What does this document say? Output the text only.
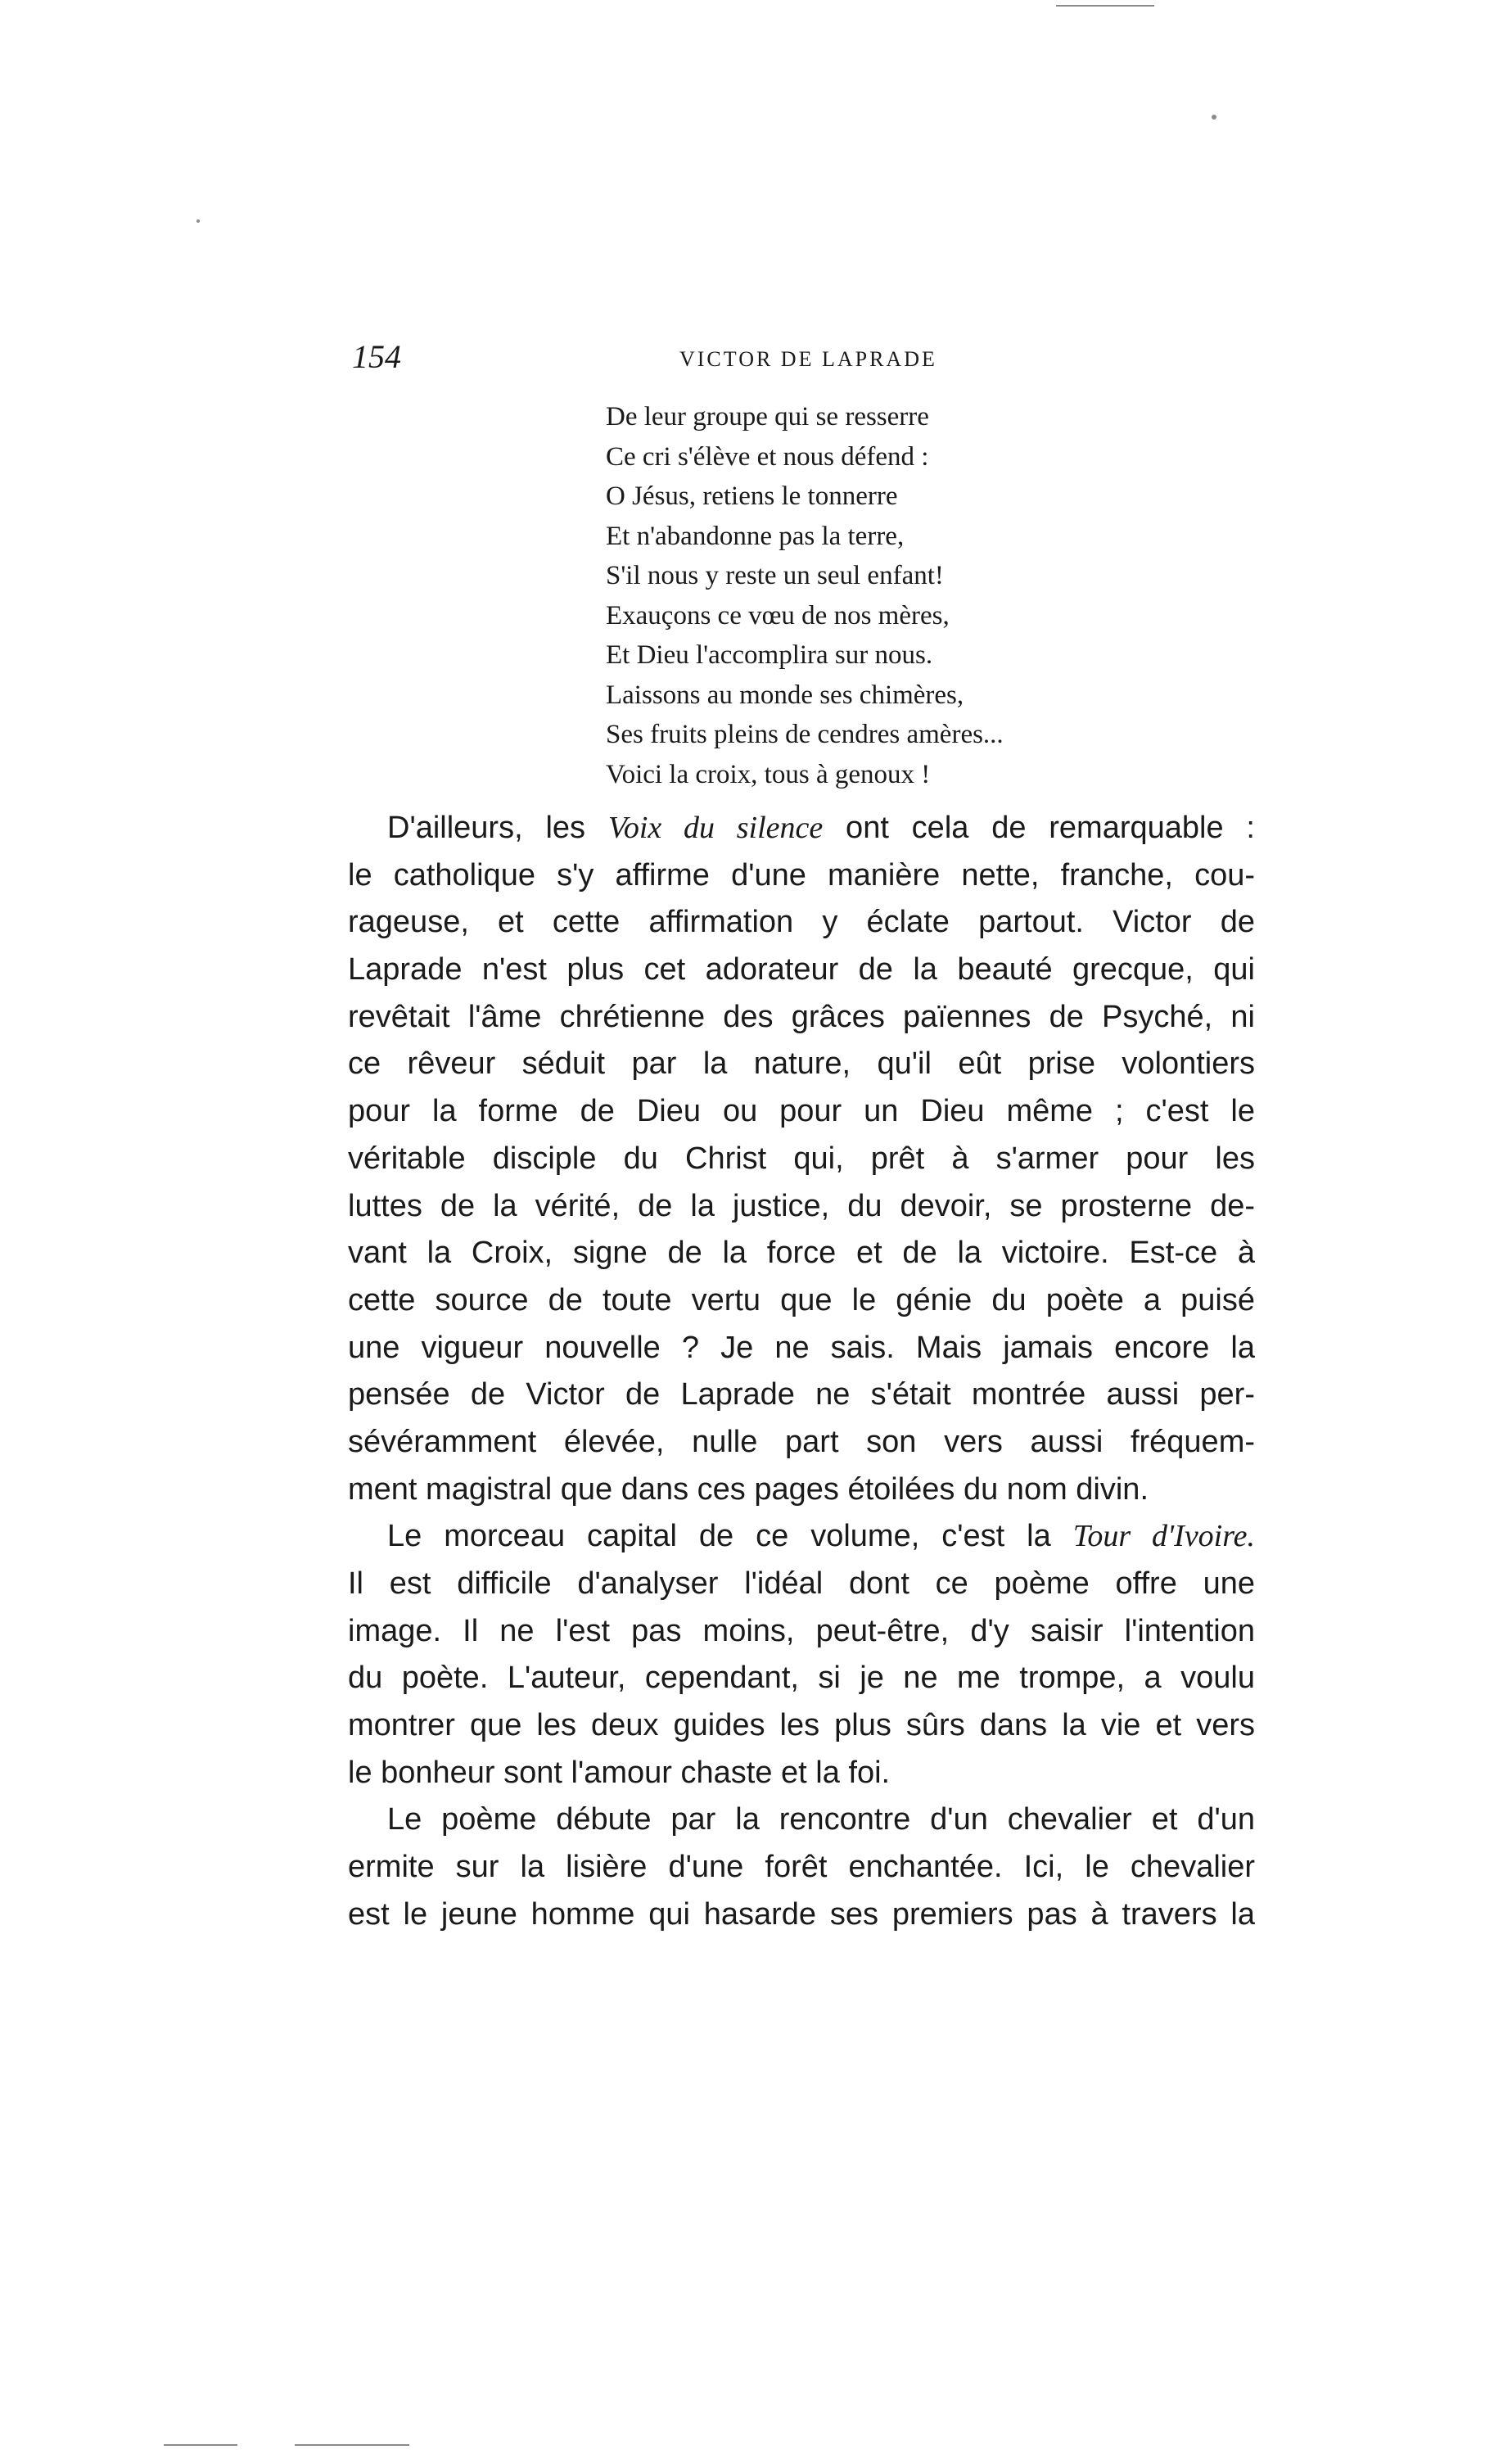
154	VICTOR DE LAPRADE
De leur groupe qui se resserre
Ce cri s'élève et nous défend :
O Jésus, retiens le tonnerre
Et n'abandonne pas la terre,
S'il nous y reste un seul enfant!
Exauçons ce vœu de nos mères,
Et Dieu l'accomplira sur nous.
Laissons au monde ses chimères,
Ses fruits pleins de cendres amères...
Voici la croix, tous à genoux !
D'ailleurs, les Voix du silence ont cela de remarquable :
le catholique s'y affirme d'une manière nette, franche, cou-
rageuse, et cette affirmation y éclate partout. Victor de
Laprade n'est plus cet adorateur de la beauté grecque, qui
revêtait l'âme chrétienne des grâces païennes de Psyché, ni
ce rêveur séduit par la nature, qu'il eût prise volontiers
pour la forme de Dieu ou pour un Dieu même ; c'est le
véritable disciple du Christ qui, prêt à s'armer pour les
luttes de la vérité, de la justice, du devoir, se prosterne de-
vant la Croix, signe de la force et de la victoire. Est-ce à
cette source de toute vertu que le génie du poète a puisé
une vigueur nouvelle ? Je ne sais. Mais jamais encore la
pensée de Victor de Laprade ne s'était montrée aussi per-
sévéramment élevée, nulle part son vers aussi fréquem-
ment magistral que dans ces pages étoilées du nom divin.
Le morceau capital de ce volume, c'est la Tour d'Ivoire.
Il est difficile d'analyser l'idéal dont ce poème offre une
image. Il ne l'est pas moins, peut-être, d'y saisir l'intention
du poète. L'auteur, cependant, si je ne me trompe, a voulu
montrer que les deux guides les plus sûrs dans la vie et vers
le bonheur sont l'amour chaste et la foi.
Le poème débute par la rencontre d'un chevalier et d'un
ermite sur la lisière d'une forêt enchantée. Ici, le chevalier
est le jeune homme qui hasarde ses premiers pas à travers la
